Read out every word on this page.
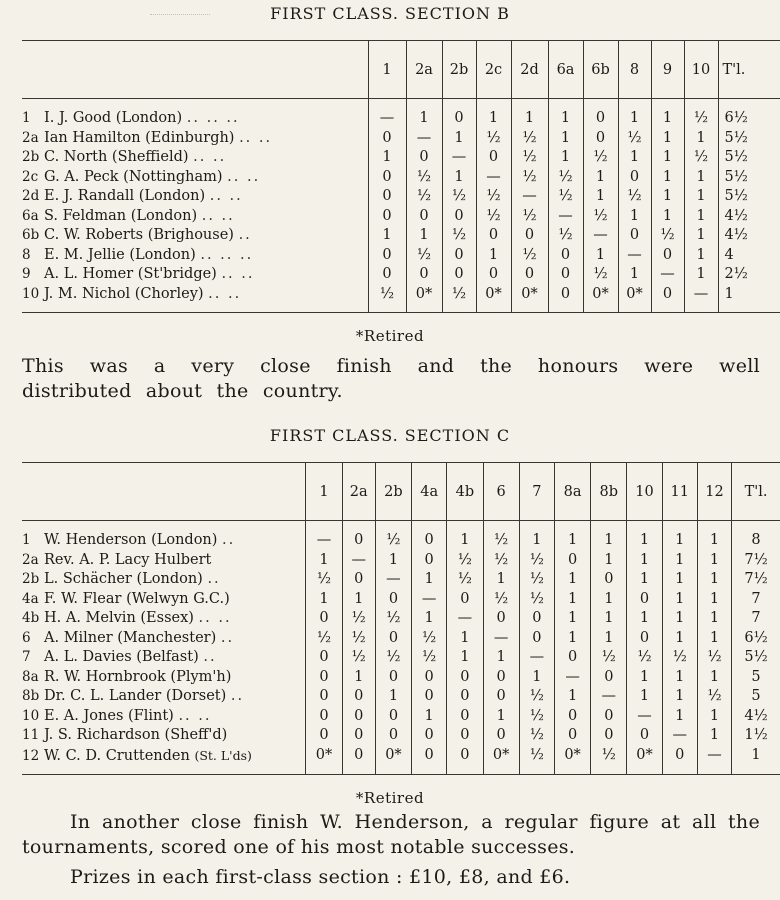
FIRST CLASS. SECTION B
	1	2a	2b	2c	2d	6a	6b	8	9	10	T'l.

1 I. J. Good (London) .. .. ..	—	1	0	1	1	1	0	1	1	½	6½
2a Ian Hamilton (Edinburgh) .. ..	0	—	1	½	½	1	0	½	1	1	5½
2b C. North (Sheffield) .. ..	1	0	—	0	½	1	½	1	1	½	5½
2c G. A. Peck (Nottingham) .. ..	0	½	1	—	½	½	1	0	1	1	5½
2d E. J. Randall (London) .. ..	0	½	½	½	—	½	1	½	1	1	5½
6a S. Feldman (London) .. ..	0	0	0	½	½	—	½	1	1	1	4½
6b C. W. Roberts (Brighouse) ..	1	1	½	0	0	½	—	0	½	1	4½
8 E. M. Jellie (London) .. .. ..	0	½	0	1	½	0	1	—	0	1	4
9 A. L. Homer (St'bridge) .. ..	0	0	0	0	0	0	½	1	—	1	2½
10 J. M. Nichol (Chorley) .. ..	½	0*	½	0*	0*	0	0*	0*	0	—	1
*Retired
This was a very close finish and the honours were well distributed about the country.
FIRST CLASS. SECTION C
	1	2a	2b	4a	4b	6	7	8a	8b	10	11	12	T'l.

1 W. Henderson (London) ..	—	0	½	0	1	½	1	1	1	1	1	1	8
2a Rev. A. P. Lacy Hulbert	1	—	1	0	½	½	½	0	1	1	1	1	7½
2b L. Schächer (London) ..	½	0	—	1	½	1	½	1	0	1	1	1	7½
4a F. W. Flear (Welwyn G.C.)	1	1	0	—	0	½	½	1	1	0	1	1	7
4b H. A. Melvin (Essex) .. ..	0	½	½	1	—	0	0	1	1	1	1	1	7
6 A. Milner (Manchester) ..	½	½	0	½	1	—	0	1	1	0	1	1	6½
7 A. L. Davies (Belfast) ..	0	½	½	½	1	1	—	0	½	½	½	½	5½
8a R. W. Hornbrook (Plym'h)	0	1	0	0	0	0	1	—	0	1	1	1	5
8b Dr. C. L. Lander (Dorset) ..	0	0	1	0	0	0	½	1	—	1	1	½	5
10 E. A. Jones (Flint) .. ..	0	0	0	1	0	1	½	0	0	—	1	1	4½
11 J. S. Richardson (Sheff'd)	0	0	0	0	0	0	½	0	0	0	—	1	1½
12 W. C. D. Cruttenden (St. L'ds)	0*	0	0*	0	0	0*	½	0*	½	0*	0	—	1
*Retired
In another close finish W. Henderson, a regular figure at all the tournaments, scored one of his most notable successes.
Prizes in each first-class section : £10, £8, and £6.
